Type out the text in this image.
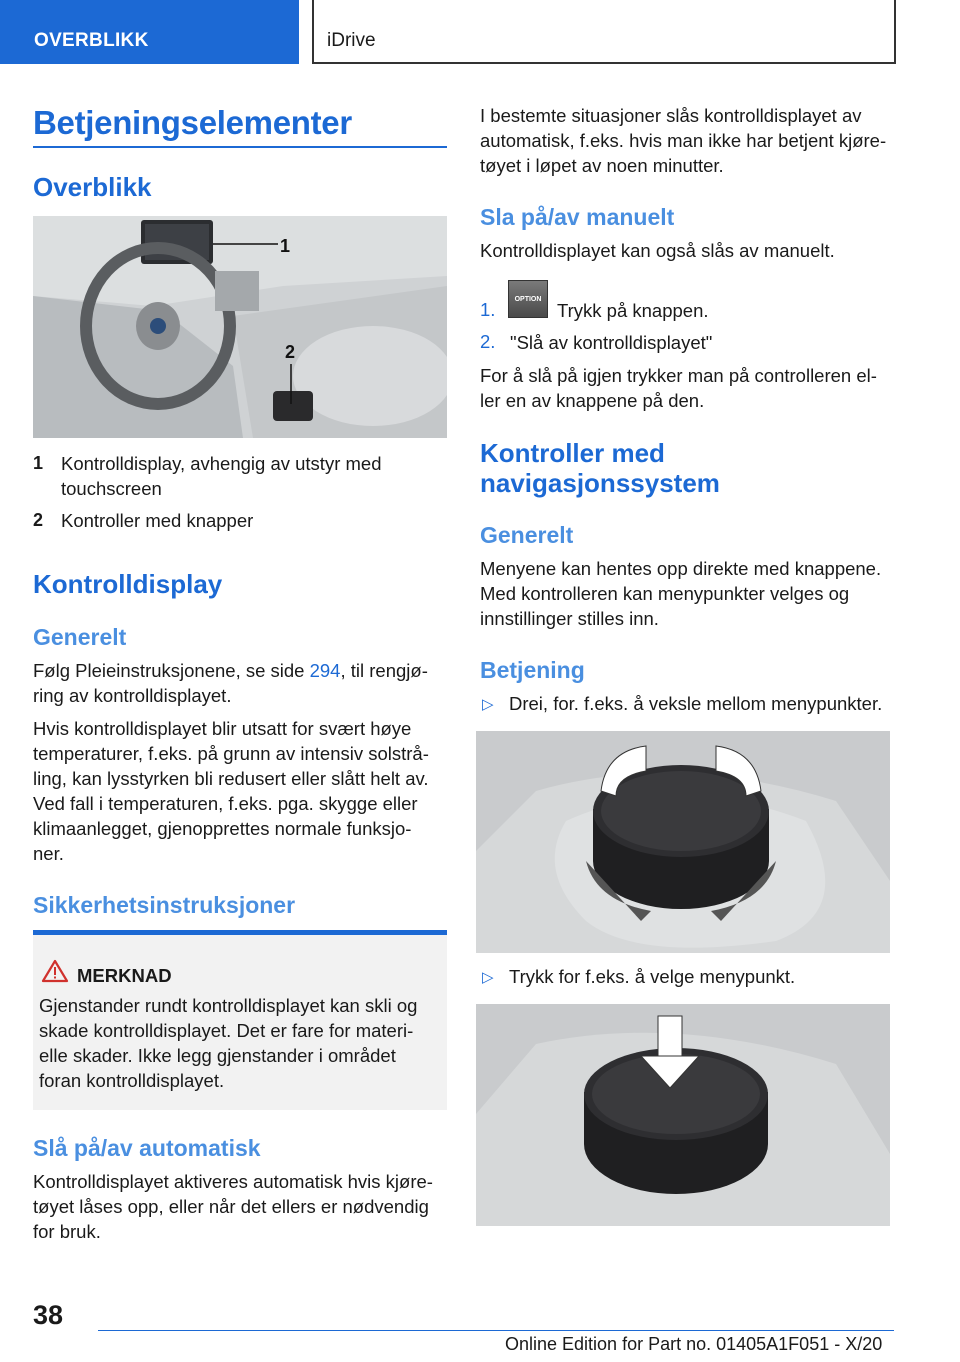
OVERBLIKK	iDrive
Betjeningselementer
Overblikk
1
2
1 Kontrolldisplay, avhengig av utstyr med
touchscreen
2 Kontroller med knapper
Kontrolldisplay
Generelt
Følg Pleieinstruksjonene, se side 294, til rengjø‐
ring av kontrolldisplayet.
Hvis kontrolldisplayet blir utsatt for svært høye
temperaturer, f.eks. på grunn av intensiv solstrå‐
ling, kan lysstyrken bli redusert eller slått helt av.
Ved fall i temperaturen, f.eks. pga. skygge eller
klimaanlegget, gjenopprettes normale funksjo‐
ner.
Sikkerhetsinstruksjoner
MERKNAD
Gjenstander rundt kontrolldisplayet kan skli og
skade kontrolldisplayet. Det er fare for materi‐
elle skader. Ikke legg gjenstander i området
foran kontrolldisplayet.
Slå på/av automatisk
Kontrolldisplayet aktiveres automatisk hvis kjøre‐
tøyet låses opp, eller når det ellers er nødvendig
for bruk.
I bestemte situasjoner slås kontrolldisplayet av
automatisk, f.eks. hvis man ikke har betjent kjøre‐
tøyet i løpet av noen minutter.
Sla på/av manuelt
Kontrolldisplayet kan også slås av manuelt.
1.	OPTION
Trykk på knappen.
2. "Slå av kontrolldisplayet"
For å slå på igjen trykker man på controlleren el‐
ler en av knappene på den.
Kontroller med
navigasjonssystem
Generelt
Menyene kan hentes opp direkte med knappene.
Med kontrolleren kan menypunkter velges og
innstillinger stilles inn.
Betjening
▷ Drei, for. f.eks. å veksle mellom menypunkter.
▷ Trykk for f.eks. å velge menypunkt.
38
Online Edition for Part no. 01405A1F051 - X/20
